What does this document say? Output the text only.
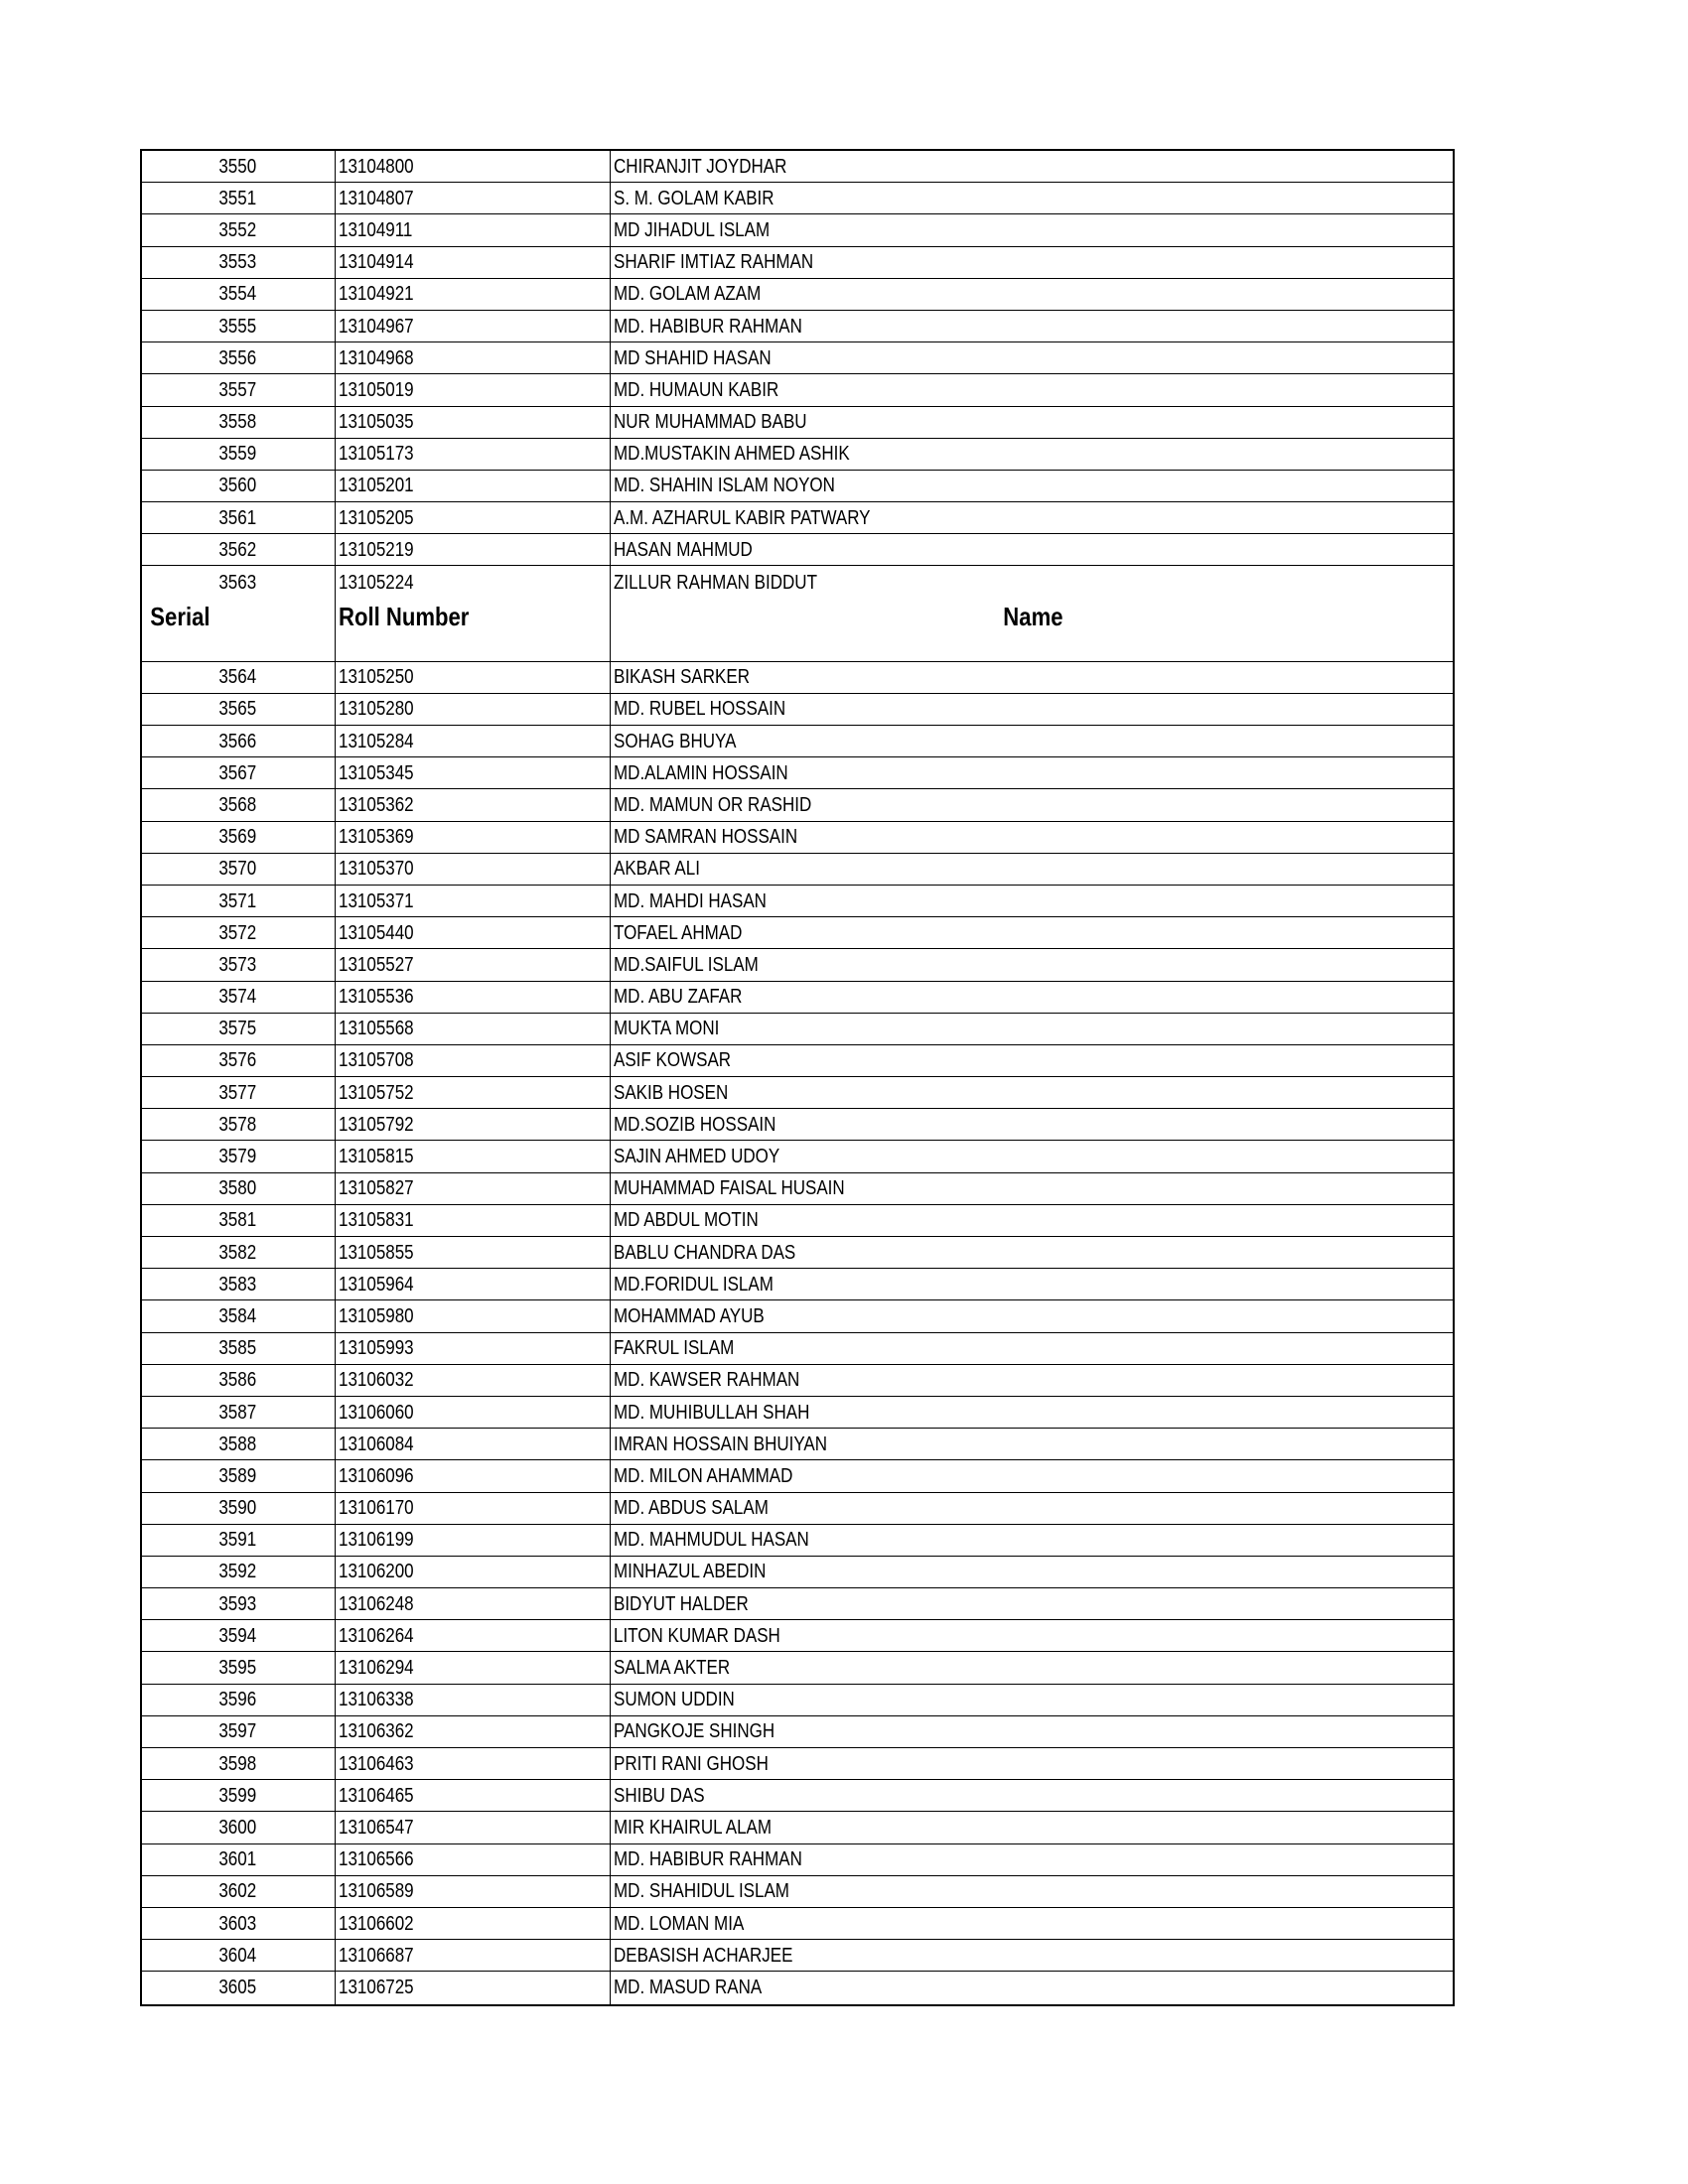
3550	13104800	CHIRANJIT JOYDHAR
3551	13104807	S. M. GOLAM KABIR
3552	13104911	MD JIHADUL ISLAM
3553	13104914	SHARIF IMTIAZ RAHMAN
3554	13104921	MD. GOLAM AZAM
3555	13104967	MD. HABIBUR RAHMAN
3556	13104968	MD SHAHID HASAN
3557	13105019	MD. HUMAUN KABIR
3558	13105035	NUR MUHAMMAD BABU
3559	13105173	MD.MUSTAKIN AHMED ASHIK
3560	13105201	MD. SHAHIN ISLAM NOYON
3561	13105205	A.M. AZHARUL KABIR PATWARY
3562	13105219	HASAN MAHMUD
3563	13105224	ZILLUR RAHMAN BIDDUT
Serial	Roll Number	Name
3564	13105250	BIKASH SARKER
3565	13105280	MD. RUBEL HOSSAIN
3566	13105284	SOHAG BHUYA
3567	13105345	MD.ALAMIN HOSSAIN
3568	13105362	MD. MAMUN OR RASHID
3569	13105369	MD SAMRAN HOSSAIN
3570	13105370	AKBAR ALI
3571	13105371	MD. MAHDI HASAN
3572	13105440	TOFAEL AHMAD
3573	13105527	MD.SAIFUL ISLAM
3574	13105536	MD. ABU ZAFAR
3575	13105568	MUKTA MONI
3576	13105708	ASIF KOWSAR
3577	13105752	SAKIB HOSEN
3578	13105792	MD.SOZIB HOSSAIN
3579	13105815	SAJIN AHMED UDOY
3580	13105827	MUHAMMAD FAISAL HUSAIN
3581	13105831	MD ABDUL MOTIN
3582	13105855	BABLU CHANDRA DAS
3583	13105964	MD.FORIDUL ISLAM
3584	13105980	MOHAMMAD AYUB
3585	13105993	FAKRUL ISLAM
3586	13106032	MD. KAWSER RAHMAN
3587	13106060	MD. MUHIBULLAH SHAH
3588	13106084	IMRAN HOSSAIN BHUIYAN
3589	13106096	MD. MILON AHAMMAD
3590	13106170	MD. ABDUS SALAM
3591	13106199	MD. MAHMUDUL HASAN
3592	13106200	MINHAZUL ABEDIN
3593	13106248	BIDYUT HALDER
3594	13106264	LITON KUMAR DASH
3595	13106294	SALMA AKTER
3596	13106338	SUMON UDDIN
3597	13106362	PANGKOJE SHINGH
3598	13106463	PRITI RANI GHOSH
3599	13106465	SHIBU DAS
3600	13106547	MIR KHAIRUL ALAM
3601	13106566	MD. HABIBUR RAHMAN
3602	13106589	MD. SHAHIDUL ISLAM
3603	13106602	MD. LOMAN MIA
3604	13106687	DEBASISH ACHARJEE
3605	13106725	MD. MASUD RANA
